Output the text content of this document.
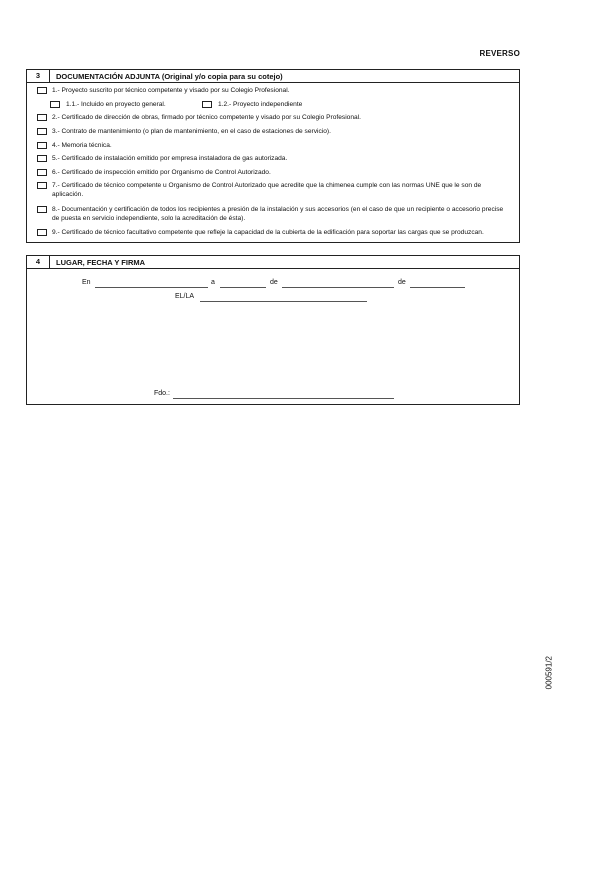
REVERSO
3	DOCUMENTACIÓN ADJUNTA (Original y/o copia para su cotejo)
1.- Proyecto suscrito por técnico competente y visado por su Colegio Profesional.
1.1.- Incluido en proyecto general.	1.2.- Proyecto independiente
2.- Certificado de dirección de obras, firmado por técnico competente y visado por su Colegio Profesional.
3.- Contrato de mantenimiento (o plan de mantenimiento, en el caso de estaciones de servicio).
4.- Memoria técnica.
5.- Certificado de instalación emitido por empresa instaladora de gas autorizada.
6.- Certificado de inspección emitido por Organismo de Control Autorizado.
7.- Certificado de técnico competente u Organismo de Control Autorizado que acredite que la chimenea cumple con las normas UNE que le son de aplicación.
8.- Documentación y certificación de todos los recipientes a presión de la instalación y sus accesorios (en el caso de que un recipiente o accesorio precise de puesta en servicio independiente, solo la acreditación de ésta).
9.- Certificado de técnico facultativo competente que refleje la capacidad de la cubierta de la edificación para soportar las cargas que se produzcan.
4	LUGAR, FECHA Y FIRMA
En	a	de	de
EL/LA
Fdo.:
000591/2
